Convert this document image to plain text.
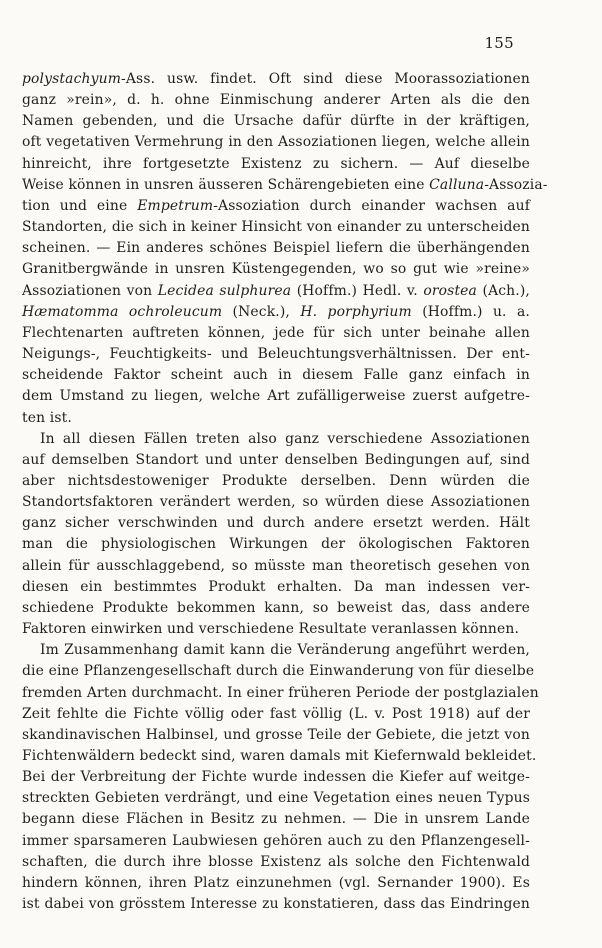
155
polystachyum-Ass. usw. findet. Oft sind diese Moorassoziationen
ganz »rein», d. h. ohne Einmischung anderer Arten als die den
Namen gebenden, und die Ursache dafür dürfte in der kräftigen,
oft vegetativen Vermehrung in den Assoziationen liegen, welche allein
hinreicht, ihre fortgesetzte Existenz zu sichern. — Auf dieselbe
Weise können in unsren äusseren Schärengebieten eine Calluna-Assozia-
tion und eine Empetrum-Assoziation durch einander wachsen auf
Standorten, die sich in keiner Hinsicht von einander zu unterscheiden
scheinen. — Ein anderes schönes Beispiel liefern die überhängenden
Granitbergwände in unsren Küstengegenden, wo so gut wie »reine»
Assoziationen von Lecidea sulphurea (Hoffm.) Hedl. v. orostea (Ach.),
Hæmatomma ochroleucum (Neck.), H. porphyrium (Hoffm.) u. a.
Flechtenarten auftreten können, jede für sich unter beinahe allen
Neigungs-, Feuchtigkeits- und Beleuchtungsverhältnissen. Der ent-
scheidende Faktor scheint auch in diesem Falle ganz einfach in
dem Umstand zu liegen, welche Art zufälligerweise zuerst aufgetre-
ten ist.
In all diesen Fällen treten also ganz verschiedene Assoziationen
auf demselben Standort und unter denselben Bedingungen auf, sind
aber nichtsdestoweniger Produkte derselben. Denn würden die
Standortsfaktoren verändert werden, so würden diese Assoziationen
ganz sicher verschwinden und durch andere ersetzt werden. Hält
man die physiologischen Wirkungen der ökologischen Faktoren
allein für ausschlaggebend, so müsste man theoretisch gesehen von
diesen ein bestimmtes Produkt erhalten. Da man indessen ver-
schiedene Produkte bekommen kann, so beweist das, dass andere
Faktoren einwirken und verschiedene Resultate veranlassen können.
Im Zusammenhang damit kann die Veränderung angeführt werden,
die eine Pflanzengesellschaft durch die Einwanderung von für dieselbe
fremden Arten durchmacht. In einer früheren Periode der postglazialen
Zeit fehlte die Fichte völlig oder fast völlig (L. v. Post 1918) auf der
skandinavischen Halbinsel, und grosse Teile der Gebiete, die jetzt von
Fichtenwäldern bedeckt sind, waren damals mit Kiefernwald bekleidet.
Bei der Verbreitung der Fichte wurde indessen die Kiefer auf weitge-
streckten Gebieten verdrängt, und eine Vegetation eines neuen Typus
begann diese Flächen in Besitz zu nehmen. — Die in unsrem Lande
immer sparsameren Laubwiesen gehören auch zu den Pflanzengesell-
schaften, die durch ihre blosse Existenz als solche den Fichtenwald
hindern können, ihren Platz einzunehmen (vgl. Sernander 1900). Es
ist dabei von grösstem Interesse zu konstatieren, dass das Eindringen
